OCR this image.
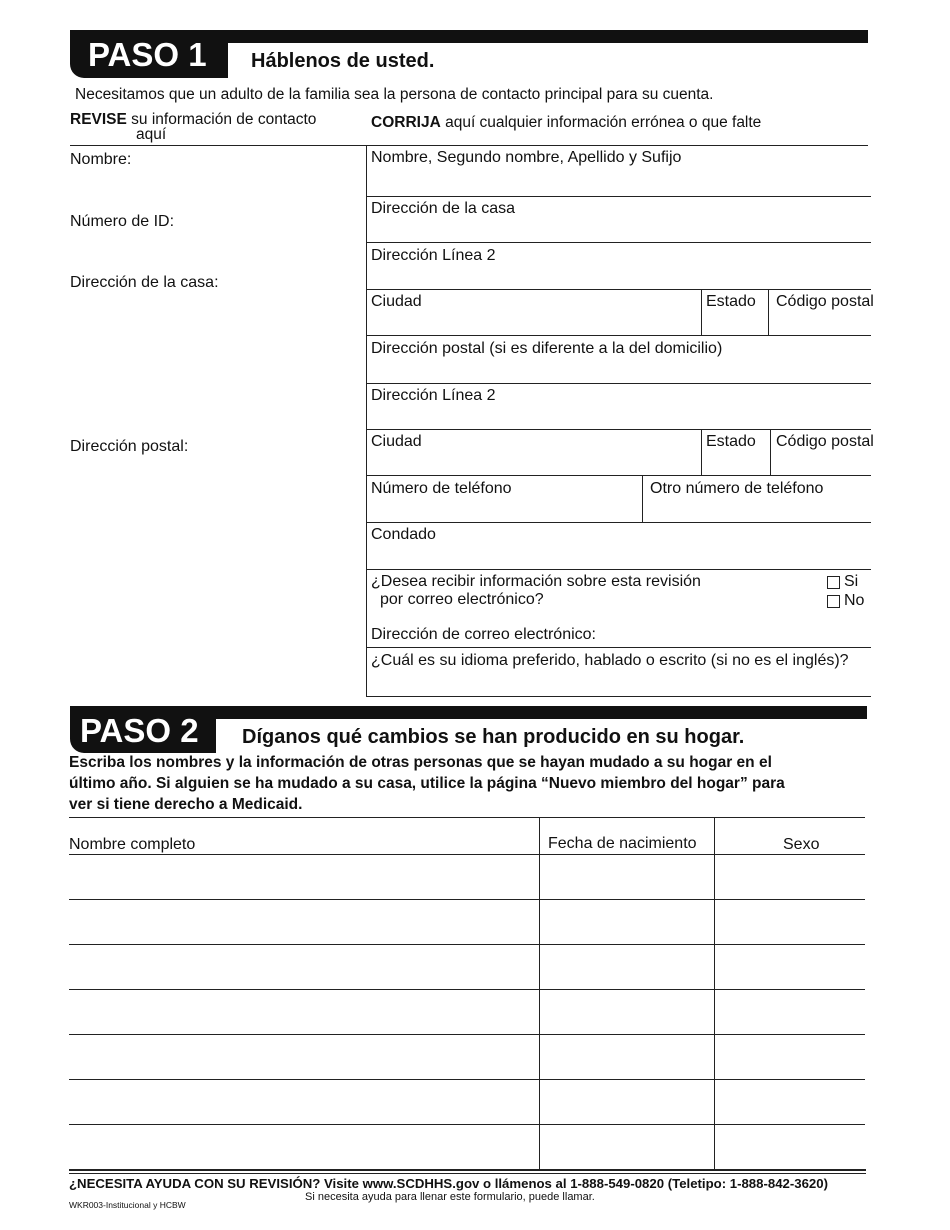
PASO 1 Háblenos de usted.
Necesitamos que un adulto de la familia sea la persona de contacto principal para su cuenta.
REVISE su información de contacto
aquí
CORRIJA aquí cualquier información errónea o que falte
Nombre:
Número de ID:
Dirección de la casa:
Dirección postal:
Nombre, Segundo nombre, Apellido y Sufijo
Dirección de la casa
Dirección Línea 2
Ciudad	Estado Código postal
Dirección postal (si es diferente a la del domicilio)
Dirección Línea 2
Ciudad	Estado Código postal
Número de teléfono	Otro número de teléfono
Condado
¿Desea recibir información sobre esta revisión
por correo electrónico?
Si
No
Dirección de correo electrónico:
¿Cuál es su idioma preferido, hablado o escrito (si no es el inglés)?
PASO 2 Díganos qué cambios se han producido en su hogar.
Escriba los nombres y la información de otras personas que se hayan mudado a su hogar en el
último año. Si alguien se ha mudado a su casa, utilice la página “Nuevo miembro del hogar” para
ver si tiene derecho a Medicaid.
Nombre completo	Fecha de nacimiento	Sexo
¿NECESITA AYUDA CON SU REVISIÓN? Visite www.SCDHHS.gov o llámenos al 1-888-549-0820 (Teletipo: 1-888-842-3620)
Si necesita ayuda para llenar este formulario, puede llamar.
WKR003-Institucional y HCBW
